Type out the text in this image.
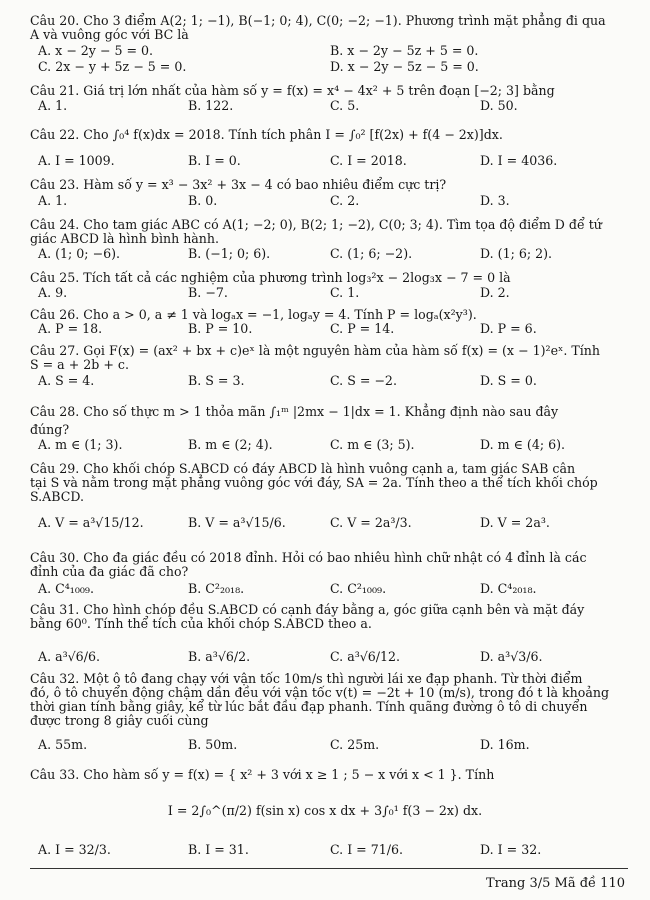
Câu 20. Cho 3 điểm A(2; 1; −1), B(−1; 0; 4), C(0; −2; −1). Phương trình mặt phẳng đi qua
A và vuông góc với BC là
A. x − 2y − 5 = 0.	B. x − 2y − 5z + 5 = 0.
C. 2x − y + 5z − 5 = 0.	D. x − 2y − 5z − 5 = 0.
Câu 21. Giá trị lớn nhất của hàm số y = f(x) = x⁴ − 4x² + 5 trên đoạn [−2; 3] bằng
A. 1.	B. 122.	C. 5.	D. 50.
Câu 22. Cho ∫₀⁴ f(x)dx = 2018. Tính tích phân I = ∫₀² [f(2x) + f(4 − 2x)]dx.
A. I = 1009.	B. I = 0.	C. I = 2018.	D. I = 4036.
Câu 23. Hàm số y = x³ − 3x² + 3x − 4 có bao nhiêu điểm cực trị?
A. 1.	B. 0.	C. 2.	D. 3.
Câu 24. Cho tam giác ABC có A(1; −2; 0), B(2; 1; −2), C(0; 3; 4). Tìm tọa độ điểm D để tứ
giác ABCD là hình bình hành.
A. (1; 0; −6).	B. (−1; 0; 6).	C. (1; 6; −2).	D. (1; 6; 2).
Câu 25. Tích tất cả các nghiệm của phương trình log₃²x − 2log₃x − 7 = 0 là
A. 9.	B. −7.	C. 1.	D. 2.
Câu 26. Cho a > 0, a ≠ 1 và logₐx = −1, logₐy = 4. Tính P = logₐ(x²y³).
A. P = 18.	B. P = 10.	C. P = 14.	D. P = 6.
Câu 27. Gọi F(x) = (ax² + bx + c)eˣ là một nguyên hàm của hàm số f(x) = (x − 1)²eˣ. Tính
S = a + 2b + c.
A. S = 4.	B. S = 3.	C. S = −2.	D. S = 0.
Câu 28. Cho số thực m > 1 thỏa mãn ∫₁ᵐ |2mx − 1|dx = 1. Khẳng định nào sau đây
đúng?
A. m ∈ (1; 3).	B. m ∈ (2; 4).	C. m ∈ (3; 5).	D. m ∈ (4; 6).
Câu 29. Cho khối chóp S.ABCD có đáy ABCD là hình vuông cạnh a, tam giác SAB cân
tại S và nằm trong mặt phẳng vuông góc với đáy, SA = 2a. Tính theo a thể tích khối chóp
S.ABCD.
A. V = a³√15/12.	B. V = a³√15/6.	C. V = 2a³/3.	D. V = 2a³.
Câu 30. Cho đa giác đều có 2018 đỉnh. Hỏi có bao nhiêu hình chữ nhật có 4 đỉnh là các
đỉnh của đa giác đã cho?
A. C⁴₁₀₀₉.	B. C²₂₀₁₈.	C. C²₁₀₀₉.	D. C⁴₂₀₁₈.
Câu 31. Cho hình chóp đều S.ABCD có cạnh đáy bằng a, góc giữa cạnh bên và mặt đáy
bằng 60⁰. Tính thể tích của khối chóp S.ABCD theo a.
A. a³√6/6.	B. a³√6/2.	C. a³√6/12.	D. a³√3/6.
Câu 32. Một ô tô đang chạy với vận tốc 10m/s thì người lái xe đạp phanh. Từ thời điểm
đó, ô tô chuyển động chậm dần đều với vận tốc v(t) = −2t + 10 (m/s), trong đó t là khoảng
thời gian tính bằng giây, kể từ lúc bắt đầu đạp phanh. Tính quãng đường ô tô di chuyển
được trong 8 giây cuối cùng
A. 55m.	B. 50m.	C. 25m.	D. 16m.
Câu 33. Cho hàm số y = f(x) = { x² + 3 với x ≥ 1 ; 5 − x với x < 1 }. Tính
I = 2∫₀^(π/2) f(sin x) cos x dx + 3∫₀¹ f(3 − 2x) dx.
A. I = 32/3.	B. I = 31.	C. I = 71/6.	D. I = 32.
Trang 3/5 Mã đề 110
